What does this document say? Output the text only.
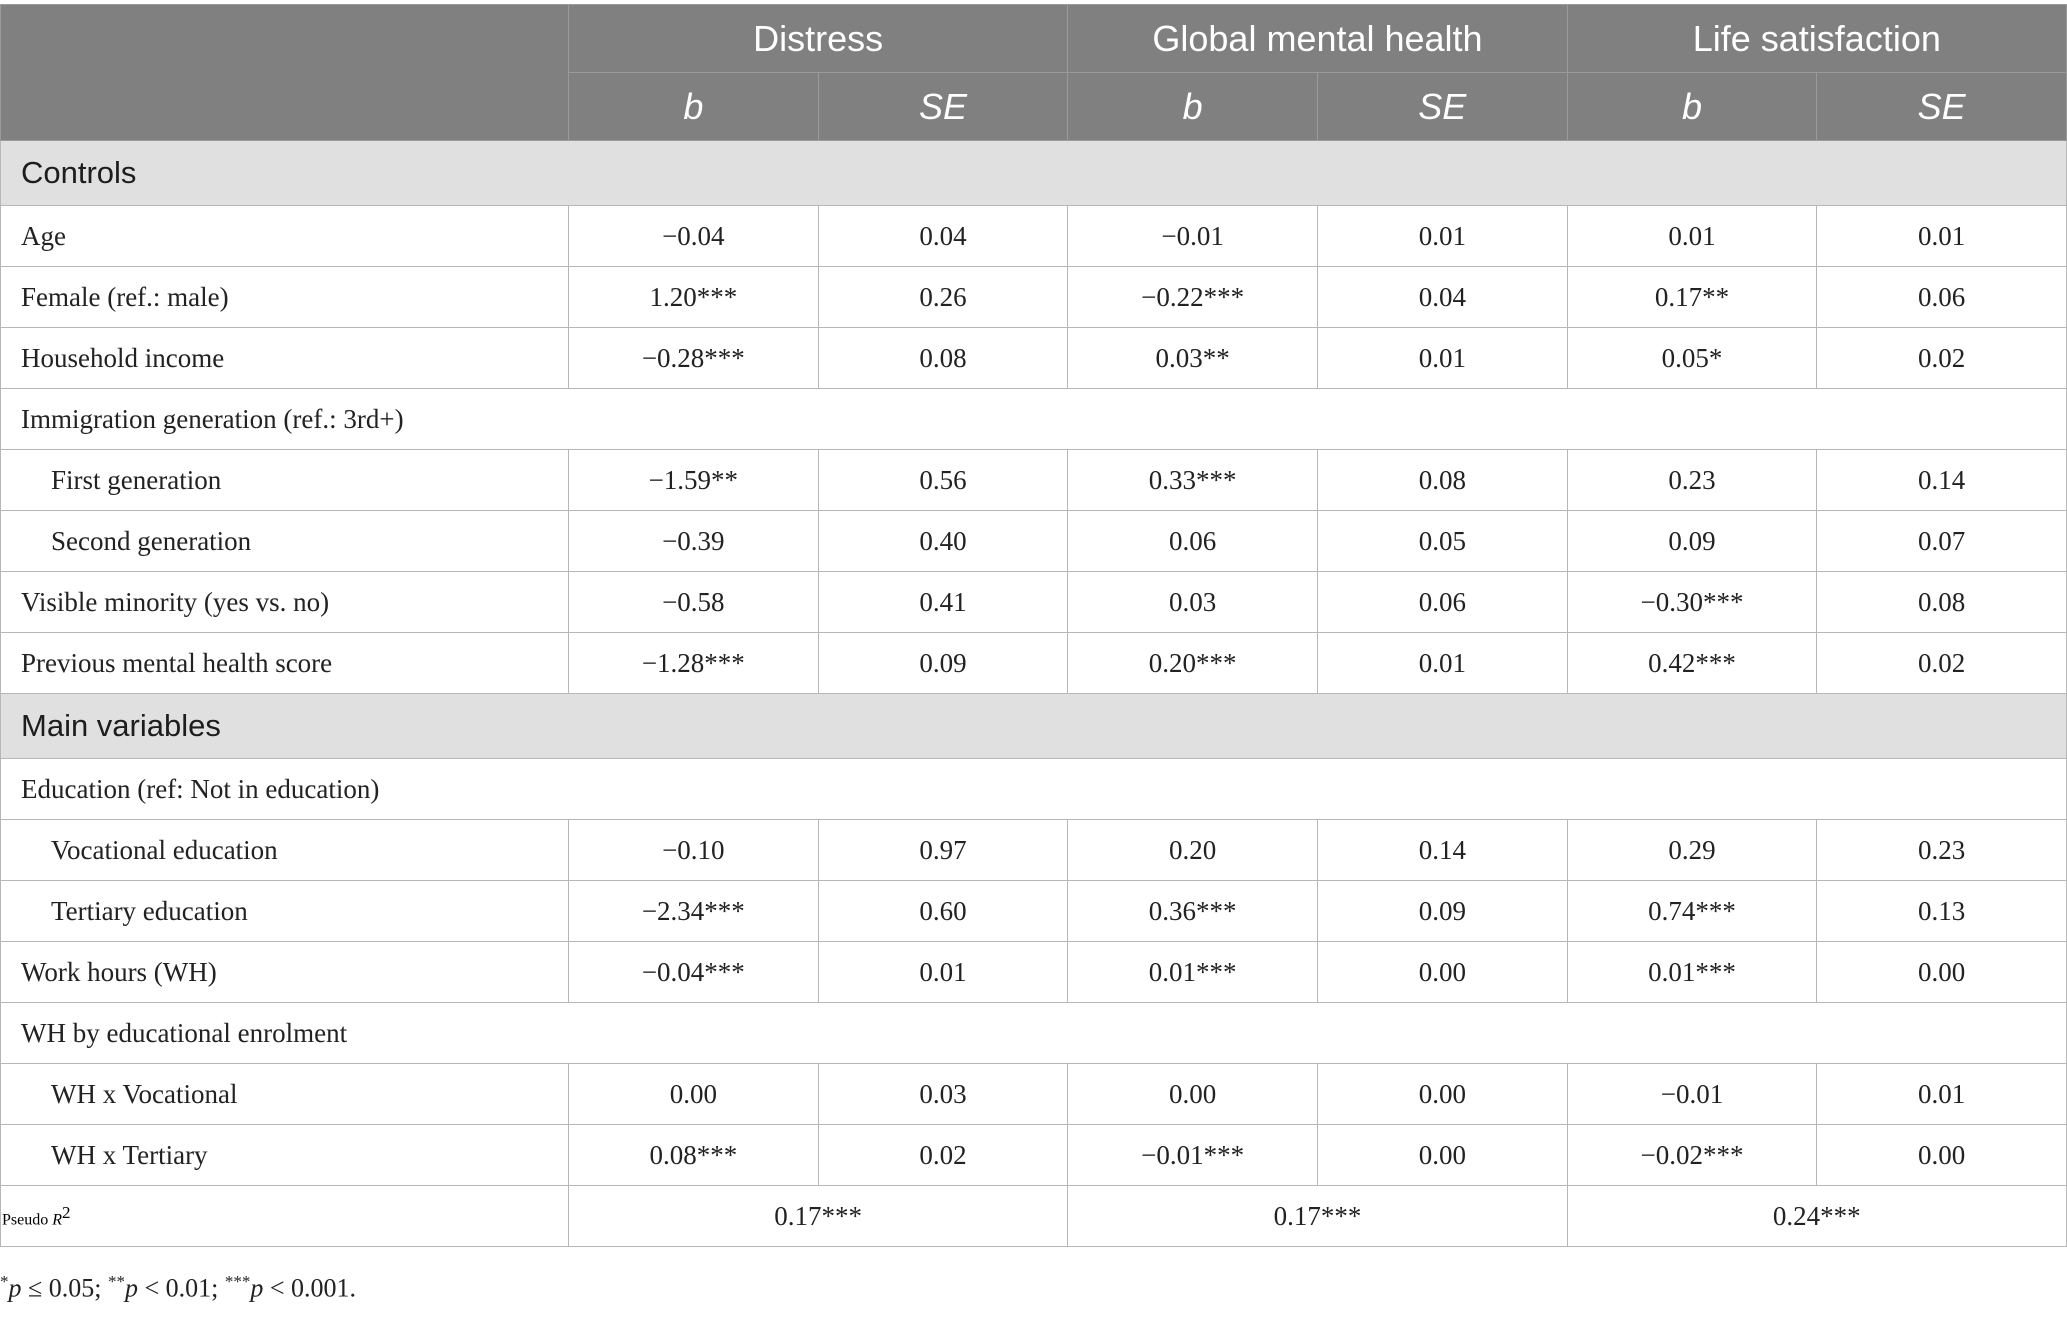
	Distress		Global mental health		Life satisfaction	
	b	SE	b	SE	b	SE
Controls						
Age	−0.04	0.04	−0.01	0.01	0.01	0.01
Female (ref.: male)	1.20***	0.26	−0.22***	0.04	0.17**	0.06
Household income	−0.28***	0.08	0.03**	0.01	0.05*	0.02
Immigration generation (ref.: 3rd+)						
First generation	−1.59**	0.56	0.33***	0.08	0.23	0.14
Second generation	−0.39	0.40	0.06	0.05	0.09	0.07
Visible minority (yes vs. no)	−0.58	0.41	0.03	0.06	−0.30***	0.08
Previous mental health score	−1.28***	0.09	0.20***	0.01	0.42***	0.02
Main variables						
Education (ref: Not in education)						
Vocational education	−0.10	0.97	0.20	0.14	0.29	0.23
Tertiary education	−2.34***	0.60	0.36***	0.09	0.74***	0.13
Work hours (WH)	−0.04***	0.01	0.01***	0.00	0.01***	0.00
WH by educational enrolment						
WH x Vocational	0.00	0.03	0.00	0.00	−0.01	0.01
WH x Tertiary	0.08***	0.02	−0.01***	0.00	−0.02***	0.00
Pseudo $R^2$	0.17***		0.17***		0.24***	
*p ≤ 0.05; **p < 0.01; ***p < 0.001.
